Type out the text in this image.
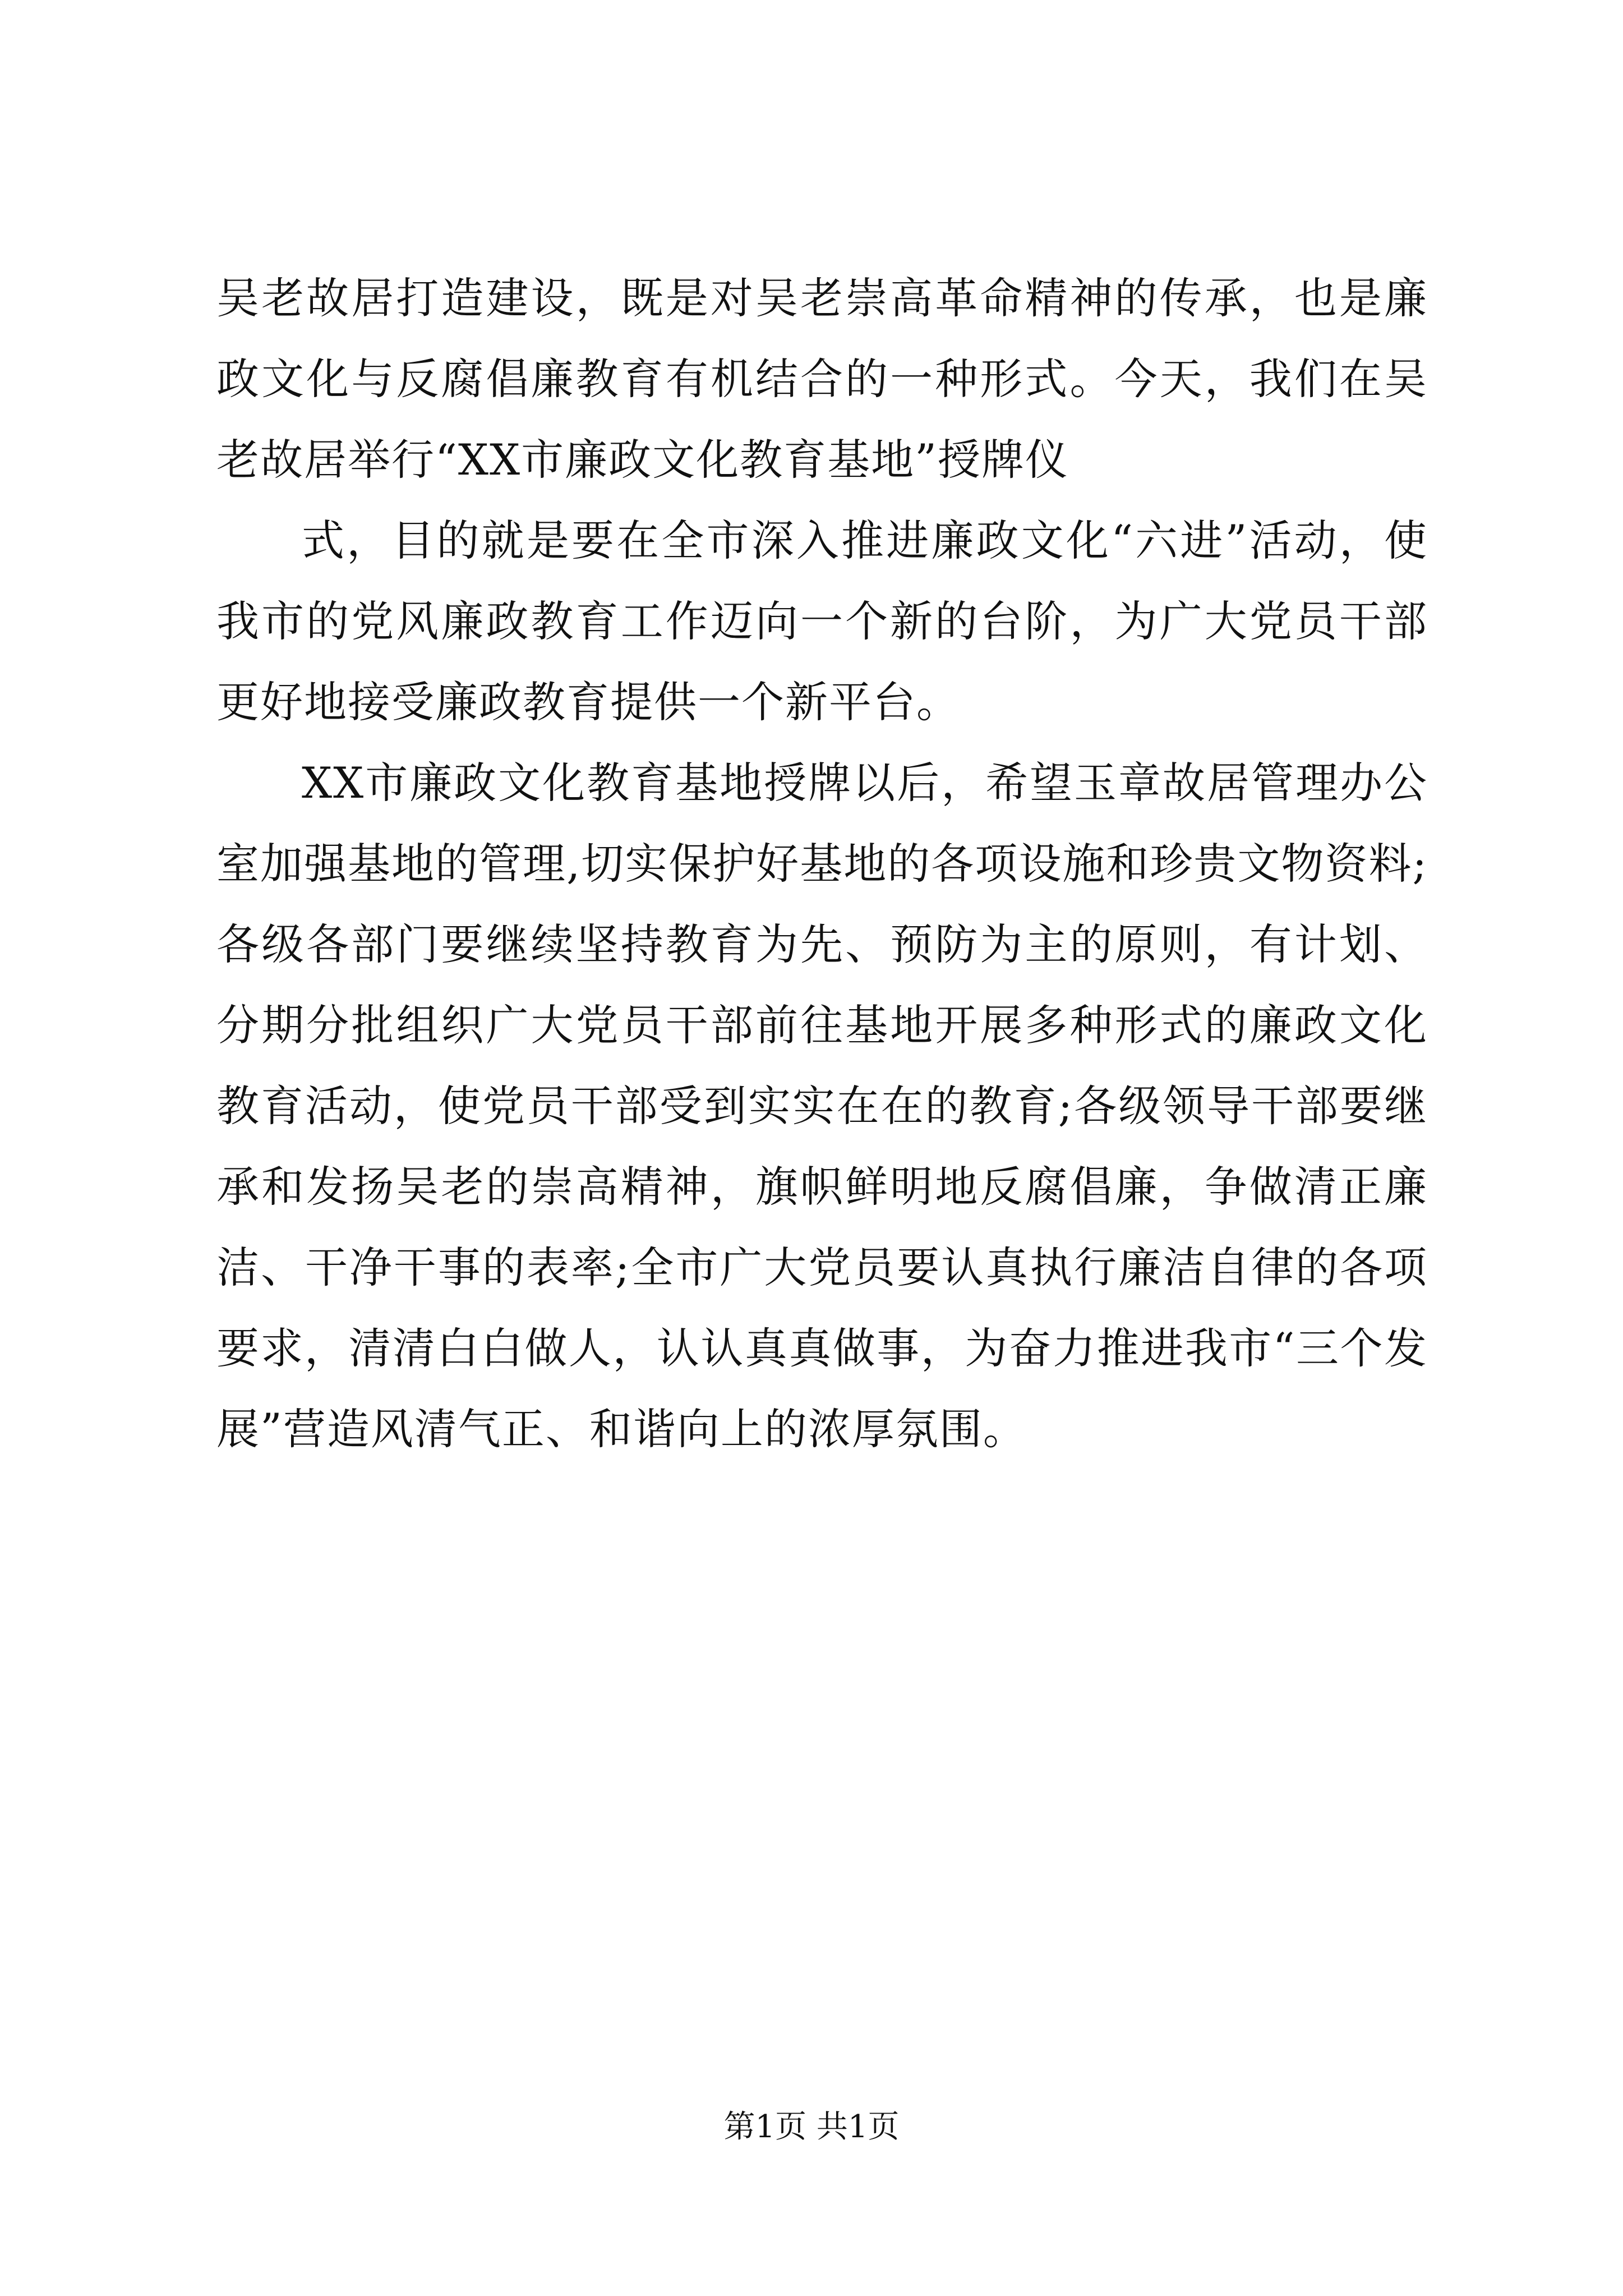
吴老故居打造建设，既是对吴老崇高革命精神的传承，也是廉政文化与反腐倡廉教育有机结合的一种形式。今天，我们在吴老故居举行“XX市廉政文化教育基地”授牌仪

式，目的就是要在全市深入推进廉政文化“六进”活动，使我市的党风廉政教育工作迈向一个新的台阶，为广大党员干部更好地接受廉政教育提供一个新平台。

XX市廉政文化教育基地授牌以后，希望玉章故居管理办公室加强基地的管理,切实保护好基地的各项设施和珍贵文物资料;各级各部门要继续坚持教育为先、预防为主的原则，有计划、分期分批组织广大党员干部前往基地开展多种形式的廉政文化教育活动，使党员干部受到实实在在的教育;各级领导干部要继承和发扬吴老的崇高精神，旗帜鲜明地反腐倡廉，争做清正廉洁、干净干事的表率;全市广大党员要认真执行廉洁自律的各项要求，清清白白做人，认认真真做事，为奋力推进我市“三个发展”营造风清气正、和谐向上的浓厚氛围。

第1页 共1页
